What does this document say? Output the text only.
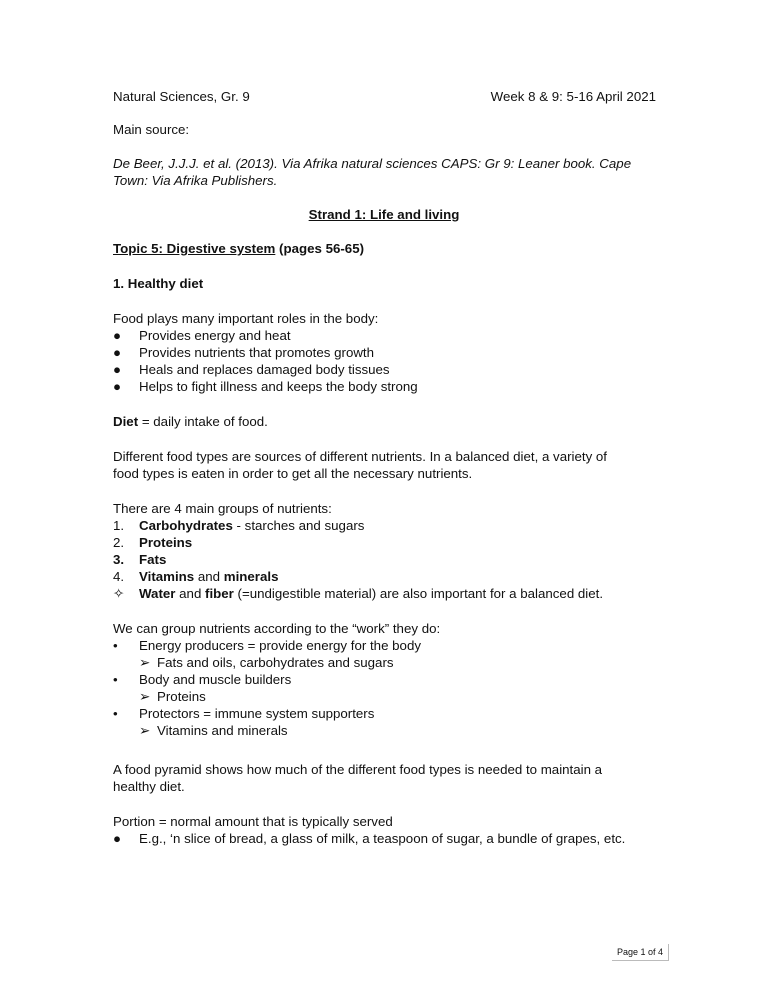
Natural Sciences, Gr. 9	Week 8 & 9: 5-16 April 2021
Main source:
De Beer, J.J.J. et al. (2013). Via Afrika natural sciences CAPS: Gr 9: Leaner book. Cape
Town: Via Afrika Publishers.
Strand 1: Life and living
Topic 5: Digestive system (pages 56-65)
1. Healthy diet
Food plays many important roles in the body:
● Provides energy and heat
● Provides nutrients that promotes growth
● Heals and replaces damaged body tissues
● Helps to fight illness and keeps the body strong
Diet = daily intake of food.
Different food types are sources of different nutrients. In a balanced diet, a variety of
food types is eaten in order to get all the necessary nutrients.
There are 4 main groups of nutrients:
1. Carbohydrates - starches and sugars
2. Proteins
3. Fats
4. Vitamins and minerals
✧ Water and fiber (=undigestible material) are also important for a balanced diet.
We can group nutrients according to the “work” they do:
• Energy producers = provide energy for the body
➢ Fats and oils, carbohydrates and sugars
• Body and muscle builders
➢ Proteins
• Protectors = immune system supporters
➢ Vitamins and minerals
A food pyramid shows how much of the different food types is needed to maintain a
healthy diet.
Portion = normal amount that is typically served
● E.g., ‘n slice of bread, a glass of milk, a teaspoon of sugar, a bundle of grapes, etc.
Page 1 of 4
